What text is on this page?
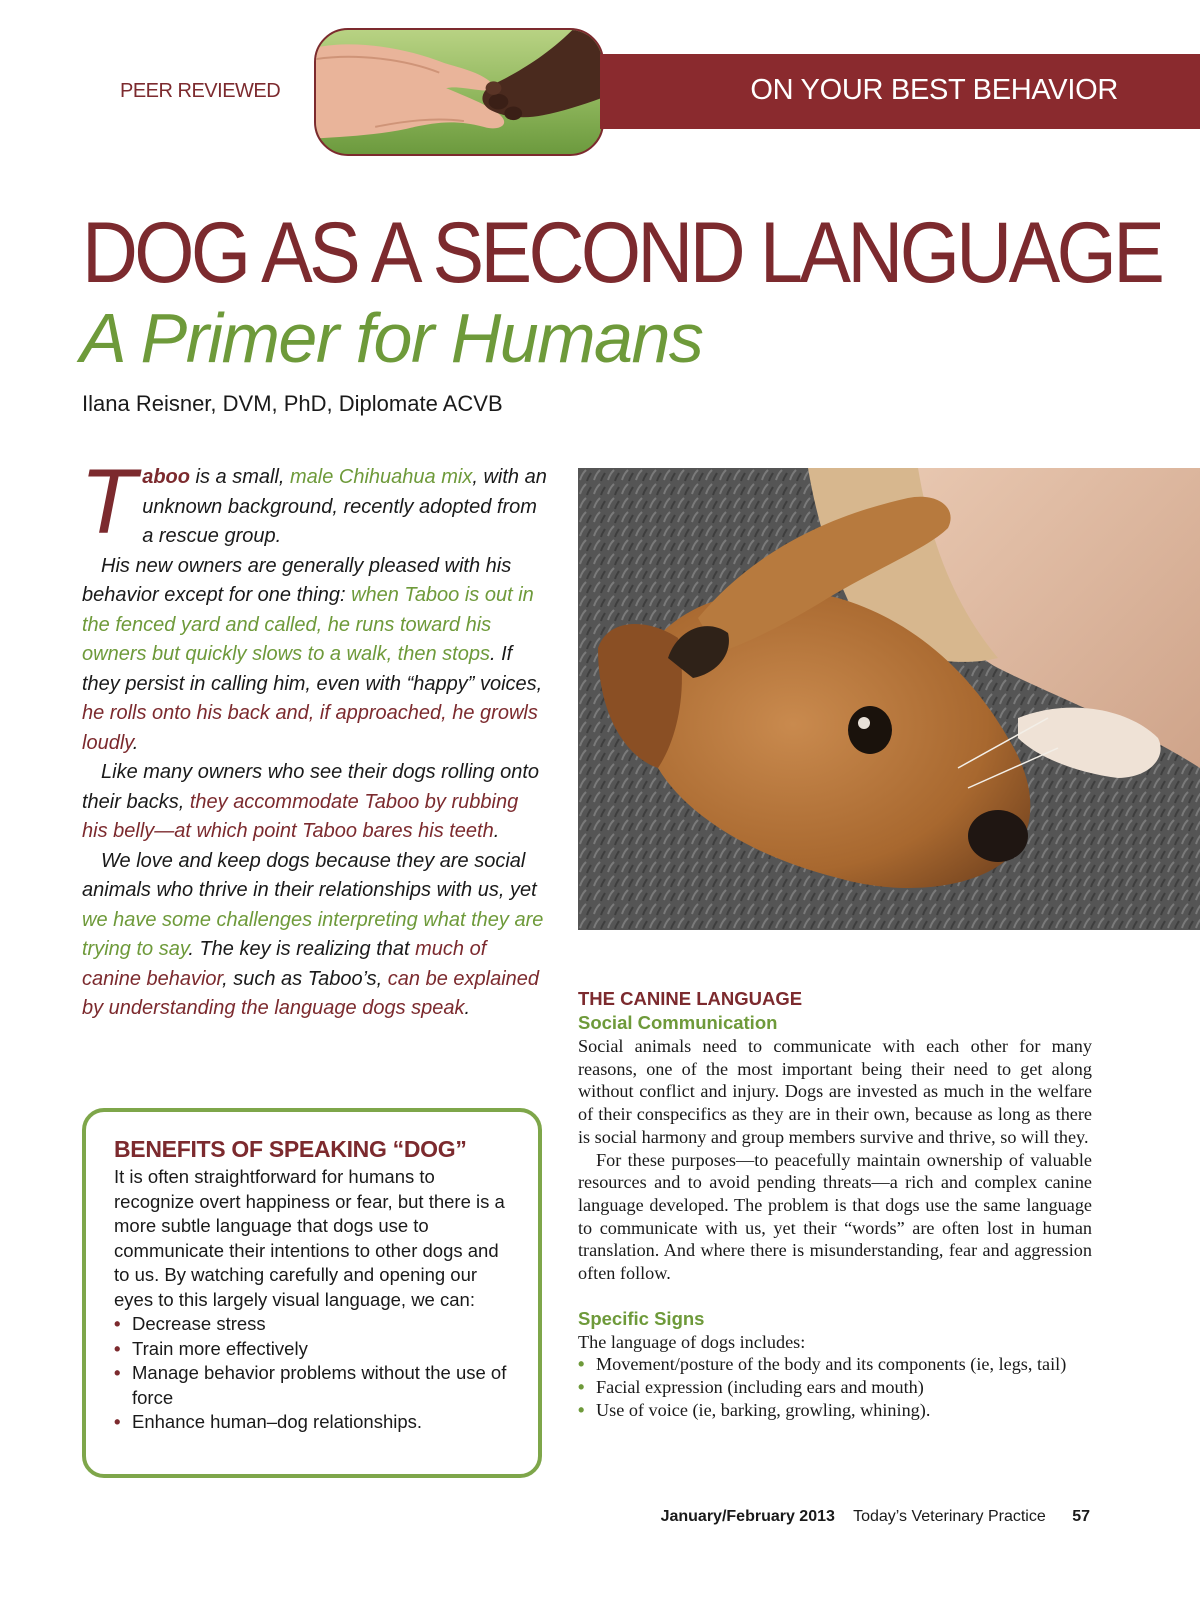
PEER REVIEWED	ON YOUR BEST BEHAVIOR
DOG AS A SECOND LANGUAGE
A Primer for Humans
Ilana Reisner, DVM, PhD, Diplomate ACVB

Taboo is a small, male Chihuahua mix, with an unknown background, recently adopted from a rescue group.

His new owners are generally pleased with his behavior except for one thing: when Taboo is out in the fenced yard and called, he runs toward his owners but quickly slows to a walk, then stops. If they persist in calling him, even with “happy” voices, he rolls onto his back and, if approached, he growls loudly.

Like many owners who see their dogs rolling onto their backs, they accommodate Taboo by rubbing his belly—at which point Taboo bares his teeth.

We love and keep dogs because they are social animals who thrive in their relationships with us, yet we have some challenges interpreting what they are trying to say. The key is realizing that much of canine behavior, such as Taboo’s, can be explained by understanding the language dogs speak.

BENEFITS OF SPEAKING “DOG”

It is often straightforward for humans to recognize overt happiness or fear, but there is a more subtle language that dogs use to communicate their intentions to other dogs and to us. By watching carefully and opening our eyes to this largely visual language, we can:

• Decrease stress
• Train more effectively
• Manage behavior problems without the use of force
• Enhance human–dog relationships.
THE CANINE LANGUAGE
Social Communication

Social animals need to communicate with each other for many reasons, one of the most important being their need to get along without conflict and injury. Dogs are invested as much in the welfare of their conspecifics as they are in their own, because as long as there is social harmony and group members survive and thrive, so will they.

For these purposes—to peacefully maintain ownership of valuable resources and to avoid pending threats—a rich and complex canine language developed. The problem is that dogs use the same language to communicate with us, yet their “words” are often lost in human translation. And where there is misunderstanding, fear and aggression often follow.

Specific Signs

The language of dogs includes:

• Movement/posture of the body and its components (ie, legs, tail)
• Facial expression (including ears and mouth)
• Use of voice (ie, barking, growling, whining).
January/February 2013 Today’s Veterinary Practice 57
